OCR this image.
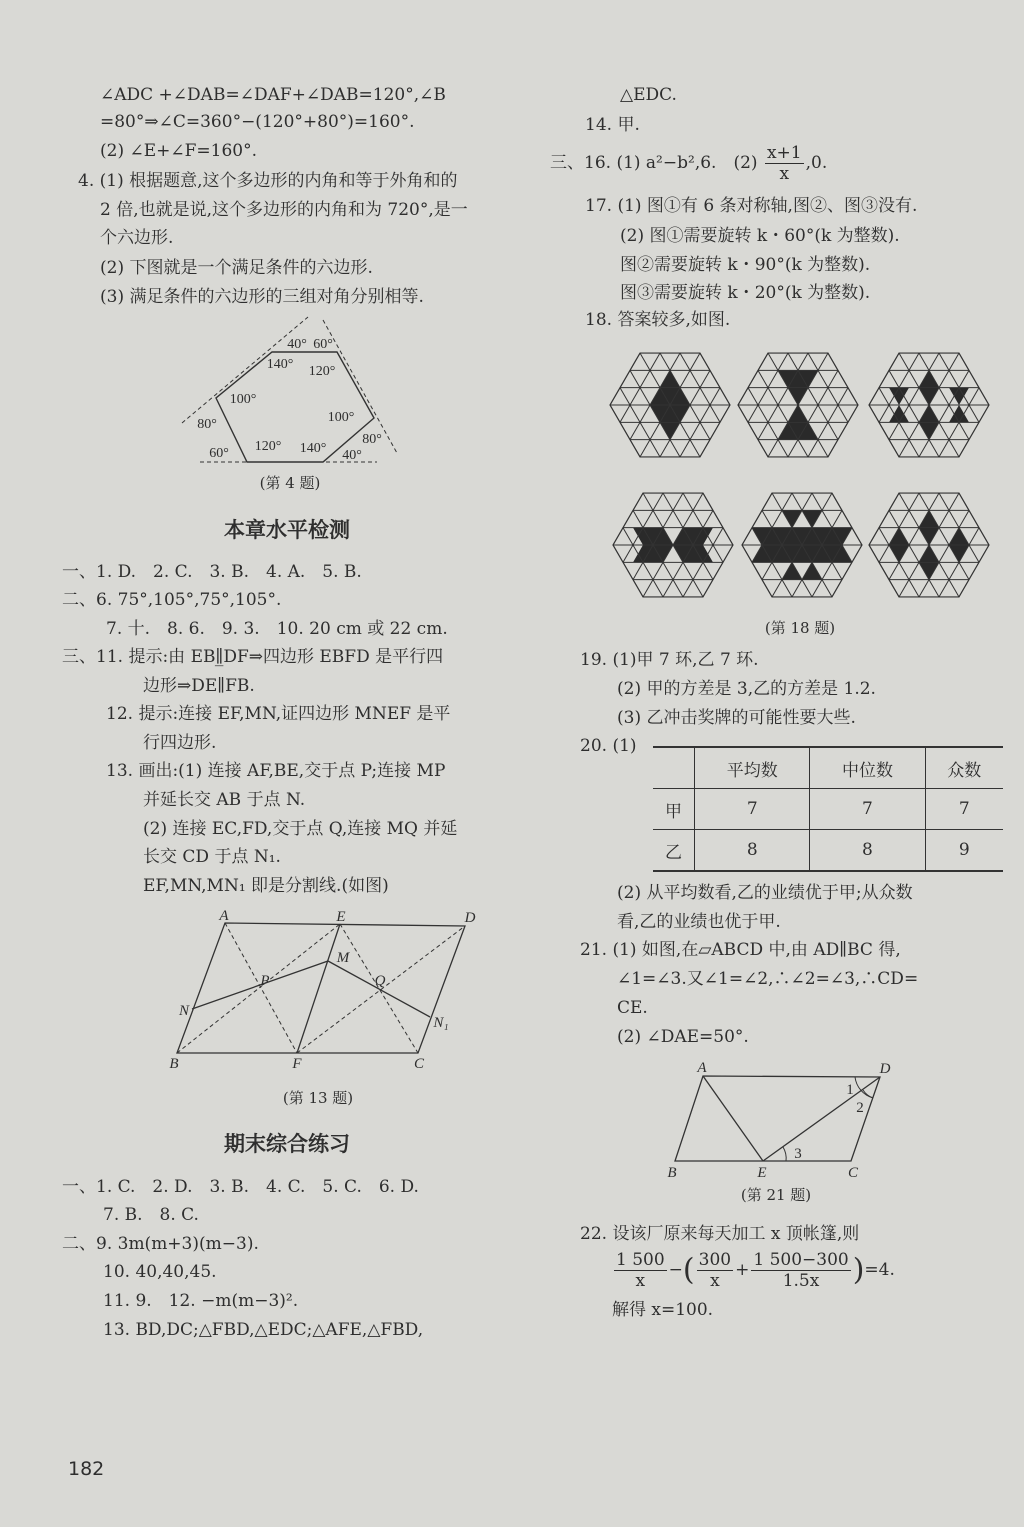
∠ADC +∠DAB=∠DAF+∠DAB=120°,∠B
=80°⇒∠C=360°−(120°+80°)=160°.
(2) ∠E+∠F=160°.
4. (1) 根据题意,这个多边形的内角和等于外角和的
2 倍,也就是说,这个多边形的内角和为 720°,是一
个六边形.
(2) 下图就是一个满足条件的六边形.
(3) 满足条件的六边形的三组对角分别相等.
(第 4 题)
本章水平检测
一、1. D.　2. C.　3. B.　4. A.　5. B.
二、6. 75°,105°,75°,105°.
7. 十.　8. 6.　9. 3.　10. 20 cm 或 22 cm.
三、11. 提示:由 EB∥̲DF⇒四边形 EBFD 是平行四
边形⇒DE∥FB.
12. 提示:连接 EF,MN,证四边形 MNEF 是平
行四边形.
13. 画出:(1) 连接 AF,BE,交于点 P;连接 MP
并延长交 AB 于点 N.
(2) 连接 EC,FD,交于点 Q,连接 MQ 并延
长交 CD 于点 N₁.
EF,MN,MN₁ 即是分割线.(如图)
(第 13 题)
期末综合练习
一、1. C.　2. D.　3. B.　4. C.　5. C.　6. D.
7. B.　8. C.
二、9. 3m(m+3)(m−3).
10. 40,40,45.
11. 9.　12. −m(m−3)².
13. BD,DC;△FBD,△EDC;△AFE,△FBD,
182
△EDC.
14. 甲.
三、16. (1) a²−b²,6.　$(2) \frac{x+1}{x} ,0$.
17. (1) 图①有 6 条对称轴,图②、图③没有.
(2) 图①需要旋转 k・60°(k 为整数).
图②需要旋转 k・90°(k 为整数).
图③需要旋转 k・20°(k 为整数).
18. 答案较多,如图.
(第 18 题)
19. (1)甲 7 环,乙 7 环.
(2) 甲的方差是 3,乙的方差是 1.2.
(3) 乙冲击奖牌的可能性要大些.
20. (1)
	平均数	中位数	众数
甲	7	7	7
乙	8	8	9
(2) 从平均数看,乙的业绩优于甲;从众数
看,乙的业绩也优于甲.
21. (1) 如图,在▱ABCD 中,由 AD∥BC 得,
∠1=∠3.又∠1=∠2,∴∠2=∠3,∴CD=
CE.
(2) ∠DAE=50°.
(第 21 题)
22. 设该厂原来每天加工 x 顶帐篷,则
$\frac{1 500}{x}$ −( $\frac{300}{x} + \frac{1 500-300}{1.5x} )=4$.
解得 x=100.
40° 60°
140° 120°
100°
80°	100°
80°
60° 120° 140° 40°
A	E	D
B	F	C
M
P	Q
N
N₁
A	D
B	E	C
1
2
3
